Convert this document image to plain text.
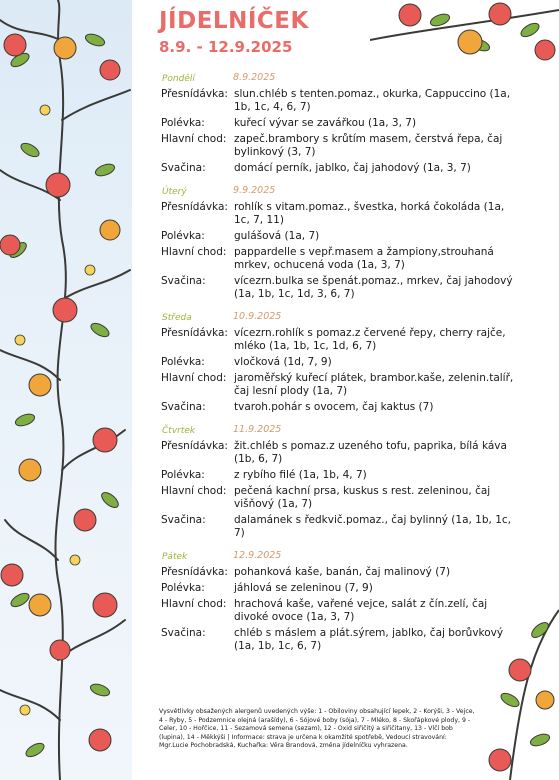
JÍDELNÍČEK
8.9. - 12.9.2025
Pondělí	8.9.2025
Přesnídávka: slun.chléb s tenten.pomaz., okurka, Cappuccino (1a, 1b, 1c, 4, 6, 7)
Polévka:	kuřecí vývar se zavářkou (1a, 3, 7)
Hlavní chod: zapeč.brambory s krůtím masem, čerstvá řepa, čaj bylinkový (3, 7)
Svačina:	domácí perník, jablko, čaj jahodový (1a, 3, 7)
Úterý	9.9.2025
Přesnídávka: rohlík s vitam.pomaz., švestka, horká čokoláda (1a, 1c, 7, 11)
Polévka:	gulášová (1a, 7)
Hlavní chod: pappardelle s vepř.masem a žampiony,strouhaná mrkev, ochucená voda (1a, 3, 7)
Svačina:	vícezrn.bulka se špenát.pomaz., mrkev, čaj jahodový (1a, 1b, 1c, 1d, 3, 6, 7)
Středa	10.9.2025
Přesnídávka: vícezrn.rohlík s pomaz.z červené řepy, cherry rajče, mléko (1a, 1b, 1c, 1d, 6, 7)
Polévka:	vločková (1d, 7, 9)
Hlavní chod: jaroměřský kuřecí plátek, brambor.kaše, zelenin.talíř, čaj lesní plody (1a, 7)
Svačina:	tvaroh.pohár s ovocem, čaj kaktus (7)
Čtvrtek	11.9.2025
Přesnídávka: žit.chléb s pomaz.z uzeného tofu, paprika, bílá káva (1b, 6, 7)
Polévka:	z rybího filé (1a, 1b, 4, 7)
Hlavní chod: pečená kachní prsa, kuskus s rest. zeleninou, čaj višňový (1a, 7)
Svačina:	dalamánek s ředkvič.pomaz., čaj bylinný (1a, 1b, 1c, 7)
Pátek	12.9.2025
Přesnídávka: pohanková kaše, banán, čaj malinový (7)
Polévka:	jáhlová se zeleninou (7, 9)
Hlavní chod: hrachová kaše, vařené vejce, salát z čín.zelí, čaj divoké ovoce (1a, 3, 7)
Svačina:	chléb s máslem a plát.sýrem, jablko, čaj borůvkový (1a, 1b, 1c, 6, 7)
Vysvětlivky obsažených alergenů uvedených výše: 1 - Obiloviny obsahující lepek, 2 - Korýši, 3 - Vejce, 4 - Ryby, 5 - Podzemnice olejná (arašídy), 6 - Sójové boby (sója), 7 - Mléko, 8 - Skořápkové plody, 9 - Celer, 10 - Hořčice, 11 - Sezamová semena (sezam), 12 - Oxid siřičitý a siřičitany, 13 - Vlčí bob (lupina), 14 - Měkkýši | Informace: strava je určena k okamžité spotřebě, Vedoucí stravování: Mgr.Lucie Pochobradská, Kuchařka: Věra Brandová, změna jídelníčku vyhrazena.
